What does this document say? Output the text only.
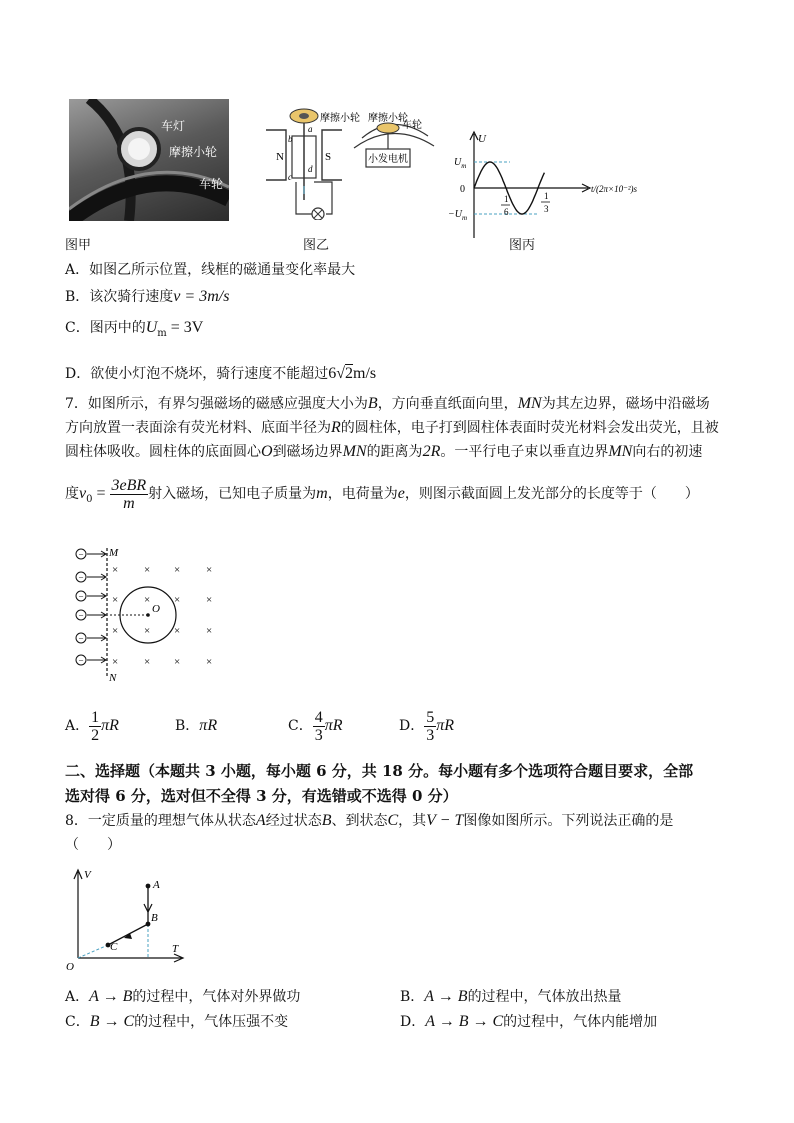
车灯
摩擦小轮
车轮
图甲
N	S
a
b
c
d
摩擦小轮 摩擦小轮
车轮
小发电机
图乙
U
t/(2π×10⁻²)s
$U_m$
$-U_m$
0
1
6
1
3
图丙
A．如图乙所示位置，线框的磁通量变化率最大
B．该次骑行速度v = 3m/s
C．图丙中的$U_m = 3V$
D．欲使小灯泡不烧坏，骑行速度不能超过6√2m/s
7．如图所示，有界匀强磁场的磁感应强度大小为B，方向垂直纸面向里，MN为其左边界，磁场中沿磁场
方向放置一表面涂有荧光材料、底面半径为R的圆柱体，电子打到圆柱体表面时荧光材料会发出荧光，且被
圆柱体吸收。圆柱体的底面圆心O到磁场边界MN的距离为2R。一平行电子束以垂直边界MN向右的初速
度$v_0 = \frac{\text{3eBR}}{m}$ 射入磁场，已知电子质量为m，电荷量为e，则图示截面圆上发光部分的长度等于（　　）
M
N
O
−
−
−
−
−
−
× × × ×
× × × ×
× × × ×
× × × ×
A． $\frac{1}{2}$ πR	B．πR	C． $\frac{4}{3}$ πR	D． $\frac{5}{3}$ πR
二、选择题（本题共 3 小题，每小题 6 分，共 18 分。每小题有多个选项符合题目要求，全部
选对得 6 分，选对但不全得 3 分，有选错或不选得 0 分）
8．一定质量的理想气体从状态A经过状态B、到状态C，其V − T图像如图所示。下列说法正确的是
（　　）
V
T
O
A
B
C
A．A → B的过程中，气体对外界做功	B．A → B的过程中，气体放出热量
C．B → C的过程中，气体压强不变	D．A → B → C的过程中，气体内能增加
